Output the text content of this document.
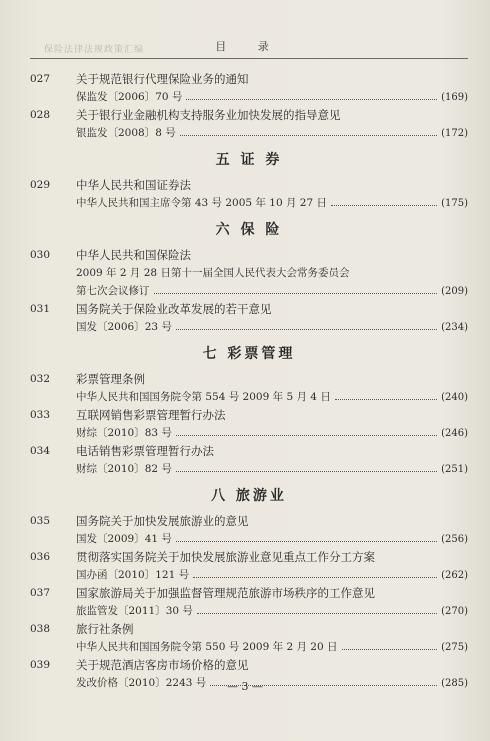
保险法律法规政策汇编	目 录
027	关于规范银行代理保险业务的通知
保监发〔2006〕70 号	(169)
028	关于银行业金融机构支持服务业加快发展的指导意见
银监发〔2008〕8 号	(172)
五 证 券
029	中华人民共和国证券法
中华人民共和国主席令第 43 号 2005 年 10 月 27 日	(175)
六 保 险
030	中华人民共和国保险法
2009 年 2 月 28 日第十一届全国人民代表大会常务委员会
第七次会议修订	(209)
031	国务院关于保险业改革发展的若干意见
国发〔2006〕23 号	(234)
七 彩票管理
032	彩票管理条例
中华人民共和国国务院令第 554 号 2009 年 5 月 4 日	(240)
033	互联网销售彩票管理暂行办法
财综〔2010〕83 号	(246)
034	电话销售彩票管理暂行办法
财综〔2010〕82 号	(251)
八 旅游业
035	国务院关于加快发展旅游业的意见
国发〔2009〕41 号	(256)
036	贯彻落实国务院关于加快发展旅游业意见重点工作分工方案
国办函〔2010〕121 号	(262)
037	国家旅游局关于加强监督管理规范旅游市场秩序的工作意见
旅监管发〔2011〕30 号	(270)
038	旅行社条例
中华人民共和国国务院令第 550 号 2009 年 2 月 20 日	(275)
039	关于规范酒店客房市场价格的意见
发改价格〔2010〕2243 号	(285)
— 3 —
